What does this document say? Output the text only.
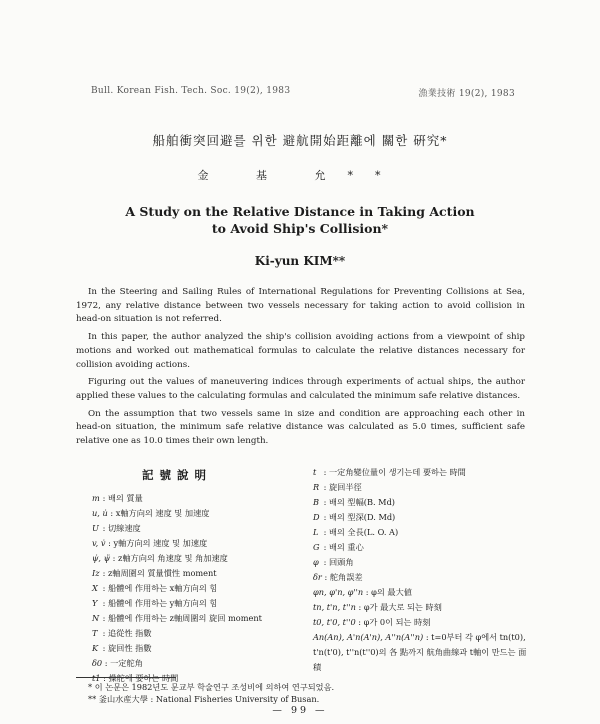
Bull. Korean Fish. Tech. Soc. 19(2), 1983	漁業技術 19(2), 1983
船舶衝突回避를 위한 避航開始距離에 關한 硏究*
金 基 允**
A Study on the Relative Distance in Taking Action
to Avoid Ship's Collision*
Ki-yun KIM**

In the Steering and Sailing Rules of International Regulations for Preventing Collisions at Sea, 1972, any relative distance between two vessels necessary for taking action to avoid collision in head-on situation is not referred.

In this paper, the author analyzed the ship's collision avoiding actions from a viewpoint of ship motions and worked out mathematical formulas to calculate the relative distances necessary for collision avoiding actions.

Figuring out the values of maneuvering indices through experiments of actual ships, the author applied these values to the calculating formulas and calculated the minimum safe relative distances.

On the assumption that two vessels same in size and condition are approaching each other in head-on situation, the minimum safe relative distance was calculated as 5.0 times, sufficient safe relative one as 10.0 times their own length.

記號說明
m : 배의 質量
u, u̇ : x軸方向의 速度 및 加速度
U : 切線速度
v, v̇ : y軸方向의 速度 및 加速度
ψ̇, ψ̈ : z軸方向의 角速度 및 角加速度
Iz : z軸周圍의 質量慣性 moment
X : 船體에 作用하는 x軸方向의 힘
Y : 船體에 作用하는 y軸方向의 힘
N : 船體에 作用하는 z軸周圍의 旋回 moment
T : 追從性 指數
K : 旋回性 指數
δ0 : 一定舵角
t1 : 操舵에 要하는 時間
t : 一定角變位量이 생기는데 要하는 時間
R : 旋回半徑
B : 배의 型幅(B. Md)
D : 배의 型深(D. Md)
L : 배의 全長(L. O. A)
G : 배의 重心
φ : 回頭角
δr : 舵角誤差
φn, φ'n, φ''n : φ의 最大値
tn, t'n, t''n : φ가 最大로 되는 時刻
t0, t'0, t''0 : φ가 0이 되는 時刻
An(An), A'n(A'n), A''n(A''n) : t=0부터 각 φ에서 tn(t0), t'n(t'0), t''n(t''0)의 各 點까지 航角曲線과 t軸이 만드는 面積
* 이 논문은 1982년도 문교부 학술연구 조성비에 의하여 연구되었음.
** 釜山水産大學 : National Fisheries University of Busan.
— 99 —
